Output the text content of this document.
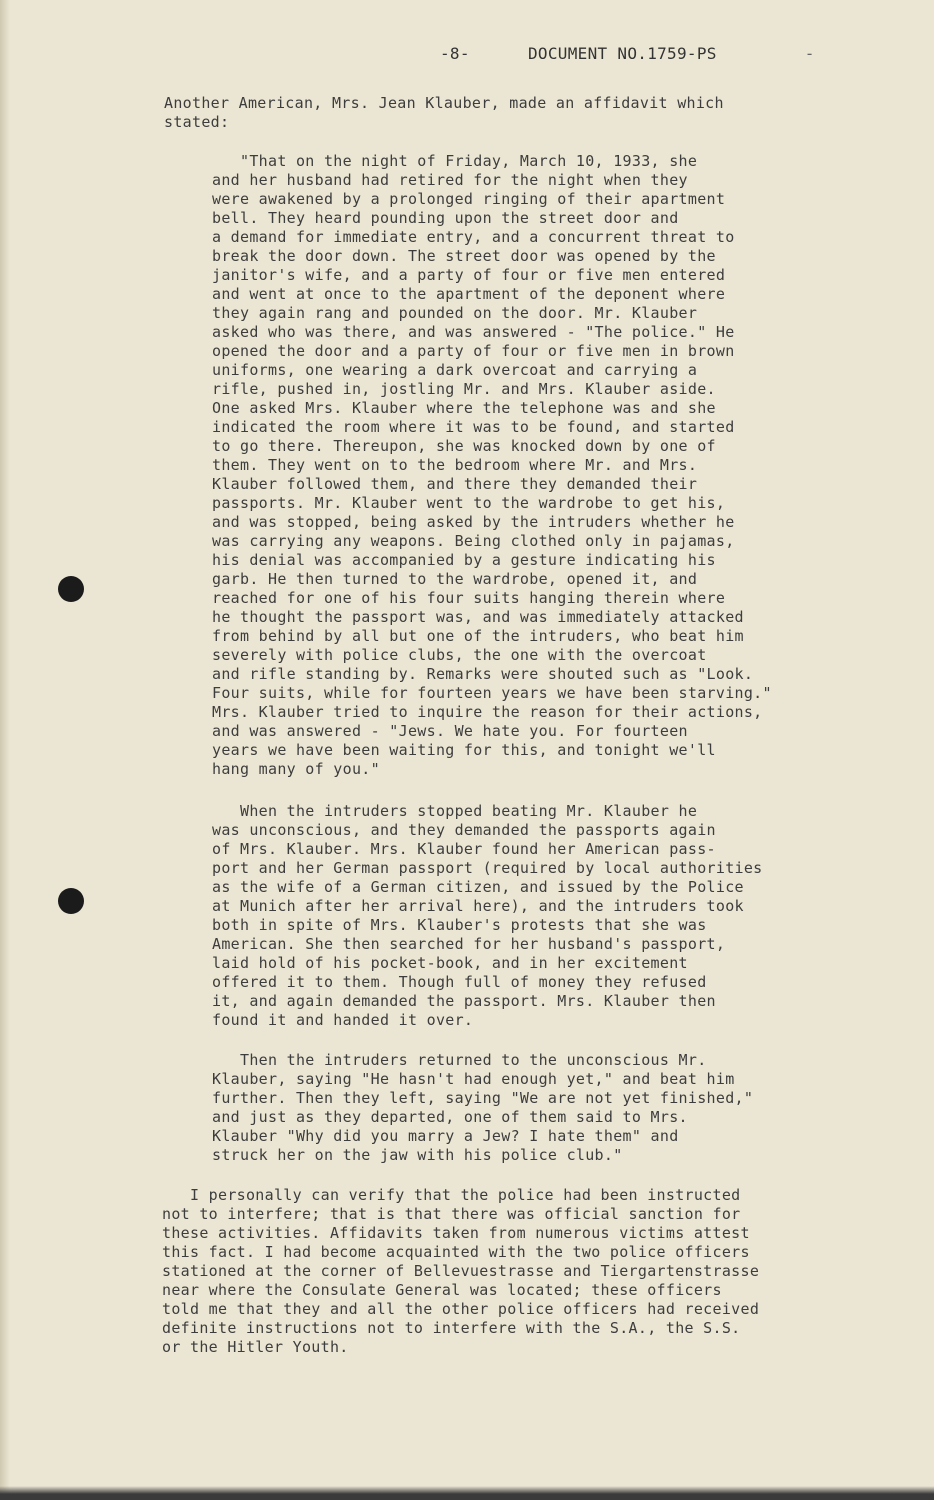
-8-	DOCUMENT NO.1759-PS	-

Another American, Mrs. Jean Klauber, made an affidavit which
stated:

"That on the night of Friday, March 10, 1933, she
and her husband had retired for the night when they
were awakened by a prolonged ringing of their apartment
bell. They heard pounding upon the street door and
a demand for immediate entry, and a concurrent threat to
break the door down. The street door was opened by the
janitor's wife, and a party of four or five men entered
and went at once to the apartment of the deponent where
they again rang and pounded on the door. Mr. Klauber
asked who was there, and was answered - "The police." He
opened the door and a party of four or five men in brown
uniforms, one wearing a dark overcoat and carrying a
rifle, pushed in, jostling Mr. and Mrs. Klauber aside.
One asked Mrs. Klauber where the telephone was and she
indicated the room where it was to be found, and started
to go there. Thereupon, she was knocked down by one of
them. They went on to the bedroom where Mr. and Mrs.
Klauber followed them, and there they demanded their
passports. Mr. Klauber went to the wardrobe to get his,
and was stopped, being asked by the intruders whether he
was carrying any weapons. Being clothed only in pajamas,
his denial was accompanied by a gesture indicating his
garb. He then turned to the wardrobe, opened it, and
reached for one of his four suits hanging therein where
he thought the passport was, and was immediately attacked
from behind by all but one of the intruders, who beat him
severely with police clubs, the one with the overcoat
and rifle standing by. Remarks were shouted such as "Look.
Four suits, while for fourteen years we have been starving."
Mrs. Klauber tried to inquire the reason for their actions,
and was answered - "Jews. We hate you. For fourteen
years we have been waiting for this, and tonight we'll
hang many of you."

When the intruders stopped beating Mr. Klauber he
was unconscious, and they demanded the passports again
of Mrs. Klauber. Mrs. Klauber found her American pass-
port and her German passport (required by local authorities
as the wife of a German citizen, and issued by the Police
at Munich after her arrival here), and the intruders took
both in spite of Mrs. Klauber's protests that she was
American. She then searched for her husband's passport,
laid hold of his pocket-book, and in her excitement
offered it to them. Though full of money they refused
it, and again demanded the passport. Mrs. Klauber then
found it and handed it over.

Then the intruders returned to the unconscious Mr.
Klauber, saying "He hasn't had enough yet," and beat him
further. Then they left, saying "We are not yet finished,"
and just as they departed, one of them said to Mrs.
Klauber "Why did you marry a Jew? I hate them" and
struck her on the jaw with his police club."

I personally can verify that the police had been instructed
not to interfere; that is that there was official sanction for
these activities. Affidavits taken from numerous victims attest
this fact. I had become acquainted with the two police officers
stationed at the corner of Bellevuestrasse and Tiergartenstrasse
near where the Consulate General was located; these officers
told me that they and all the other police officers had received
definite instructions not to interfere with the S.A., the S.S.
or the Hitler Youth.
